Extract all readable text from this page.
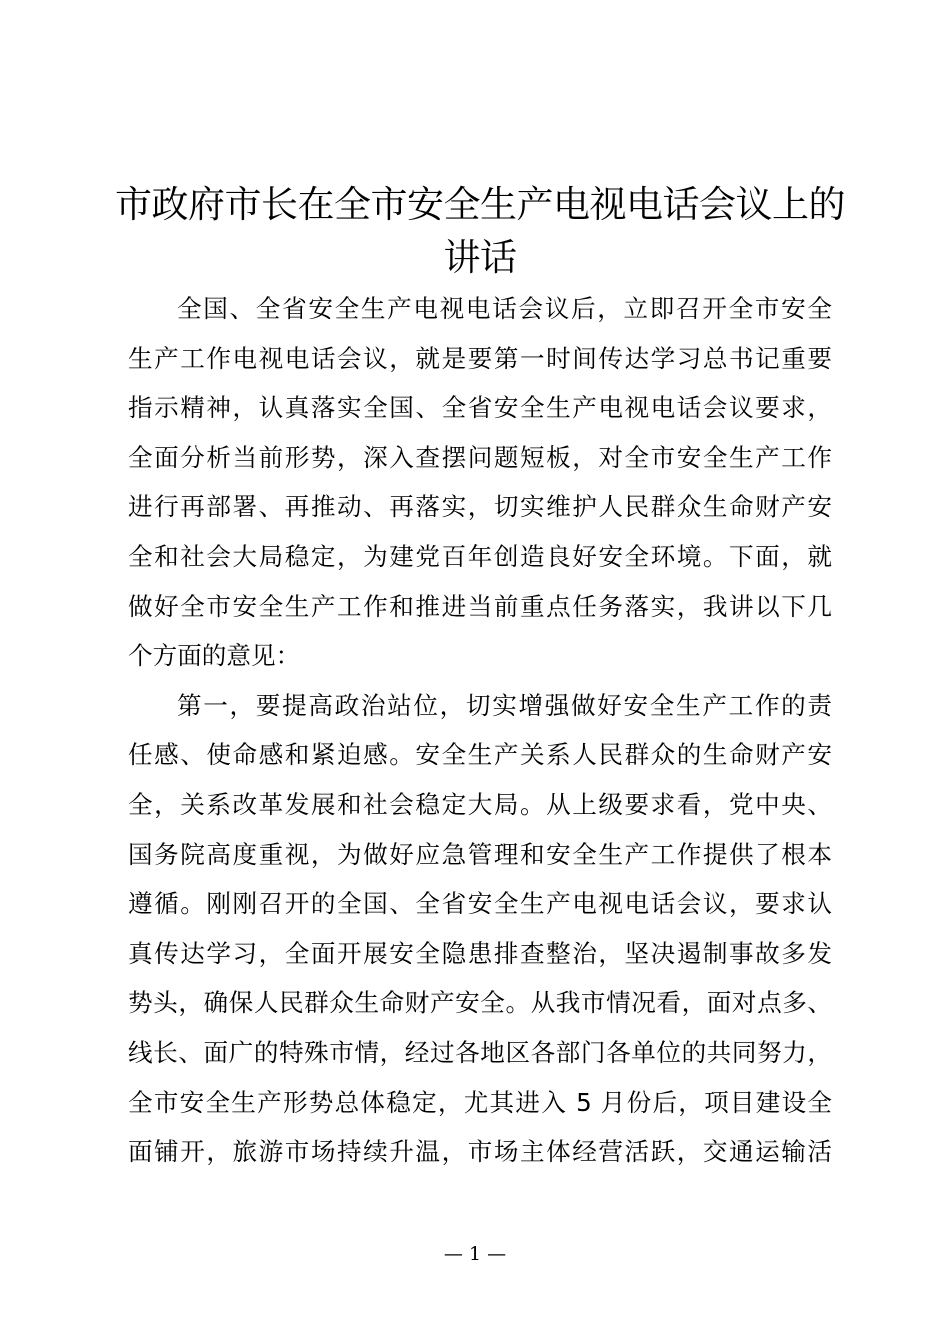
市政府市长在全市安全生产电视电话会议上的讲话
全国、全省安全生产电视电话会议后，立即召开全市安全
生产工作电视电话会议，就是要第一时间传达学习总书记重要
指示精神，认真落实全国、全省安全生产电视电话会议要求，
全面分析当前形势，深入查摆问题短板，对全市安全生产工作
进行再部署、再推动、再落实，切实维护人民群众生命财产安
全和社会大局稳定，为建党百年创造良好安全环境。下面，就
做好全市安全生产工作和推进当前重点任务落实，我讲以下几
个方面的意见：
第一，要提高政治站位，切实增强做好安全生产工作的责
任感、使命感和紧迫感。安全生产关系人民群众的生命财产安
全，关系改革发展和社会稳定大局。从上级要求看，党中央、
国务院高度重视，为做好应急管理和安全生产工作提供了根本
遵循。刚刚召开的全国、全省安全生产电视电话会议，要求认
真传达学习，全面开展安全隐患排查整治，坚决遏制事故多发
势头，确保人民群众生命财产安全。从我市情况看，面对点多、
线长、面广的特殊市情，经过各地区各部门各单位的共同努力，
全市安全生产形势总体稳定，尤其进入 5 月份后，项目建设全
面铺开，旅游市场持续升温，市场主体经营活跃，交通运输活
— 1 —
